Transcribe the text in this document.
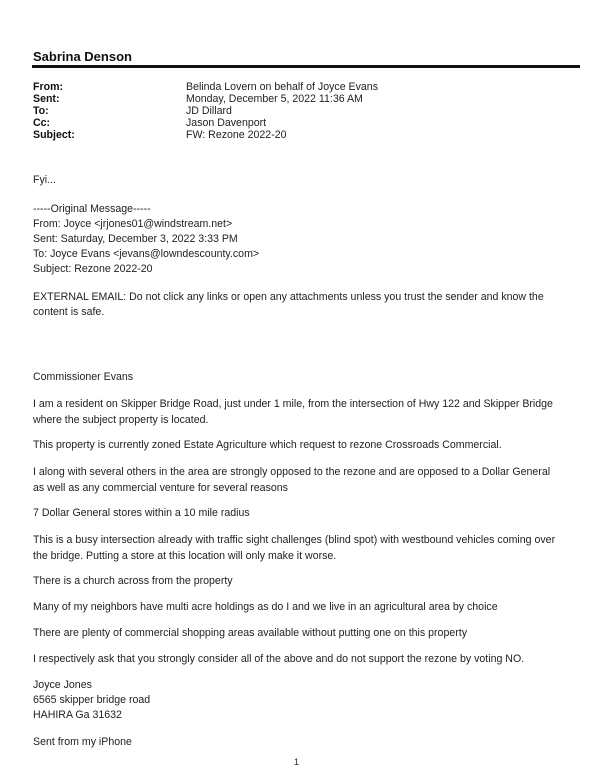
Sabrina Denson
From:	Belinda Lovern on behalf of Joyce Evans
Sent:	Monday, December 5, 2022 11:36 AM
To:	JD Dillard
Cc:	Jason Davenport
Subject:	FW: Rezone 2022-20
Fyi...
-----Original Message-----
From: Joyce <jrjones01@windstream.net>
Sent: Saturday, December 3, 2022 3:33 PM
To: Joyce Evans <jevans@lowndescounty.com>
Subject: Rezone 2022-20
EXTERNAL EMAIL: Do not click any links or open any attachments unless you trust the sender and know the content is safe.
Commissioner Evans
I am a resident on Skipper Bridge Road, just under 1 mile, from the intersection of Hwy 122 and Skipper Bridge where the subject property is located.
This property is currently zoned Estate Agriculture which request to rezone Crossroads Commercial.
I along with several others in the area are strongly opposed to the rezone and are opposed to a Dollar General as well as any commercial venture for several reasons
7 Dollar General stores within a 10 mile radius
This is a busy intersection already with traffic sight challenges (blind spot) with westbound vehicles coming over the bridge. Putting a store at this location will only make it worse.
There is a church across from the property
Many of my neighbors have multi acre holdings as do I and we live in an agricultural area by choice
There are plenty of commercial shopping areas available without putting one on this property
I respectively ask that you strongly consider all of the above and do not support the rezone by voting NO.
Joyce Jones
6565 skipper bridge road
HAHIRA Ga 31632
Sent from my iPhone
1
